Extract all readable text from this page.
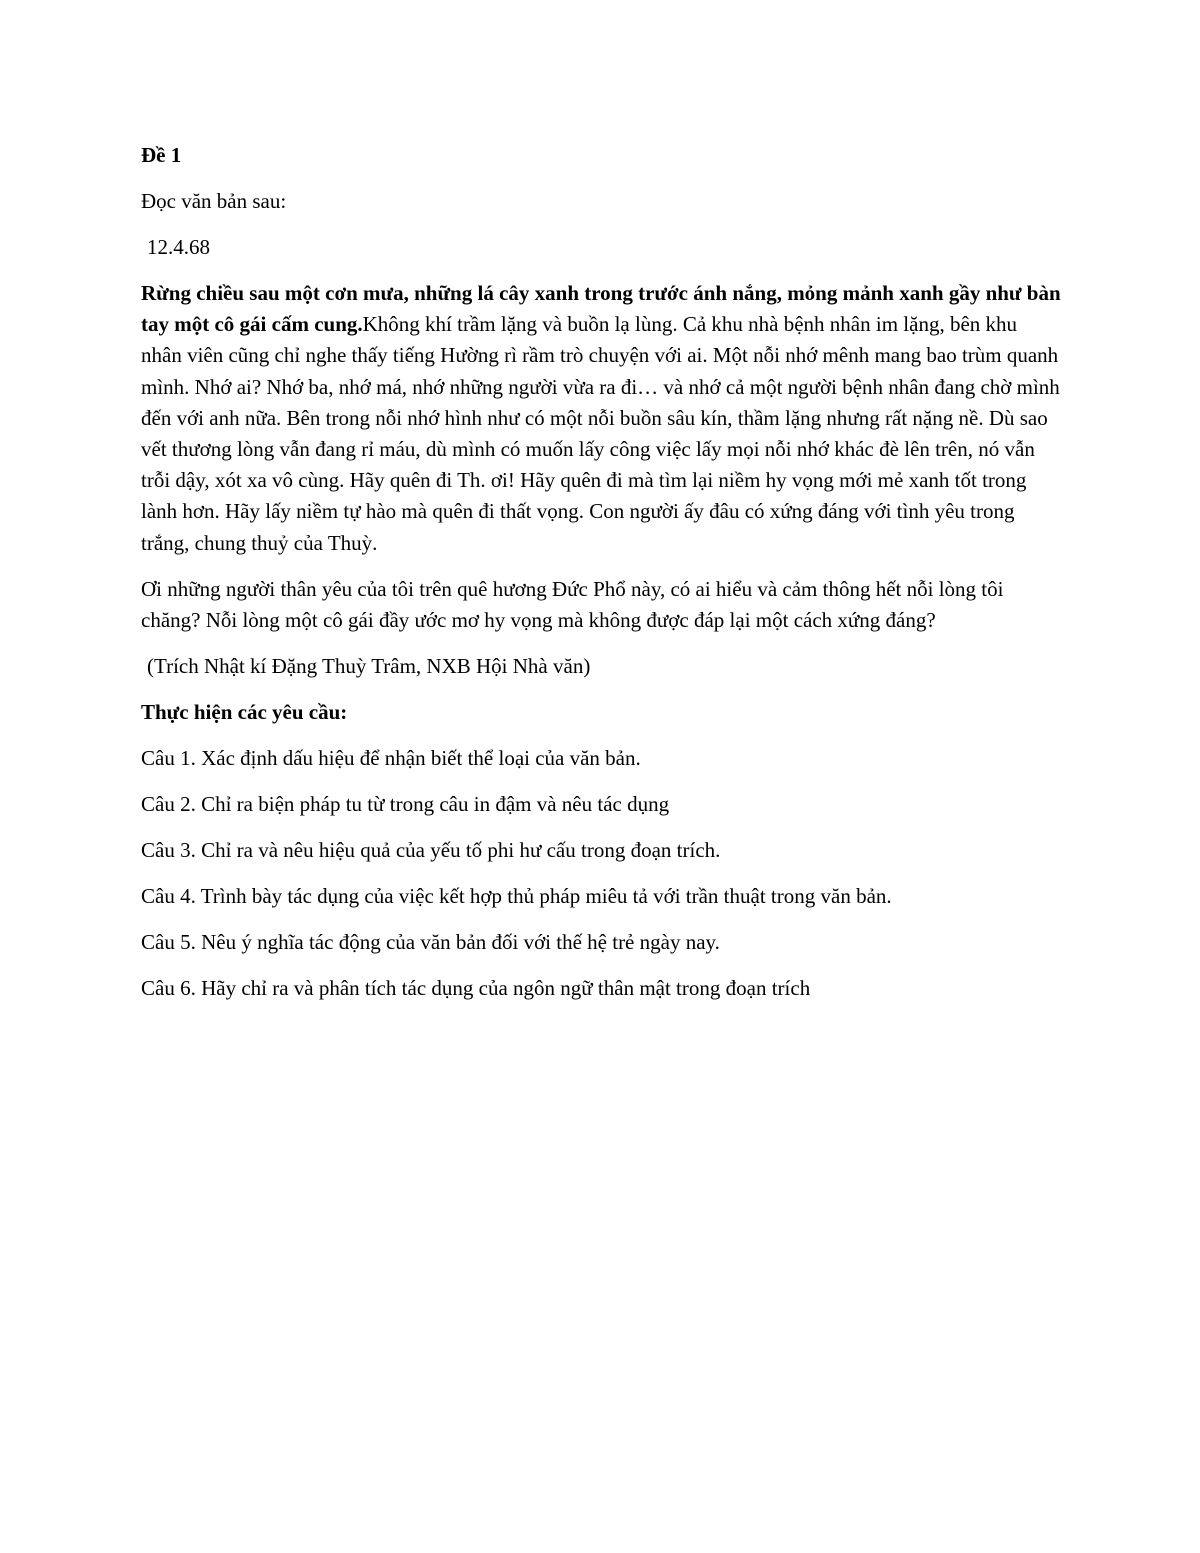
Đề 1

Đọc văn bản sau:

12.4.68

Rừng chiều sau một cơn mưa, những lá cây xanh trong trước ánh nắng, mỏng mảnh xanh gầy như bàn tay một cô gái cấm cung.Không khí trầm lặng và buồn lạ lùng. Cả khu nhà bệnh nhân im lặng, bên khu nhân viên cũng chỉ nghe thấy tiếng Hường rì rầm trò chuyện với ai. Một nỗi nhớ mênh mang bao trùm quanh mình. Nhớ ai? Nhớ ba, nhớ má, nhớ những người vừa ra đi… và nhớ cả một người bệnh nhân đang chờ mình đến với anh nữa. Bên trong nỗi nhớ hình như có một nỗi buồn sâu kín, thầm lặng nhưng rất nặng nề. Dù sao vết thương lòng vẫn đang rỉ máu, dù mình có muốn lấy công việc lấy mọi nỗi nhớ khác đè lên trên, nó vẫn trỗi dậy, xót xa vô cùng. Hãy quên đi Th. ơi! Hãy quên đi mà tìm lại niềm hy vọng mới mẻ xanh tốt trong lành hơn. Hãy lấy niềm tự hào mà quên đi thất vọng. Con người ấy đâu có xứng đáng với tình yêu trong trắng, chung thuỷ của Thuỳ.

Ơi những người thân yêu của tôi trên quê hương Đức Phổ này, có ai hiểu và cảm thông hết nỗi lòng tôi chăng? Nỗi lòng một cô gái đầy ước mơ hy vọng mà không được đáp lại một cách xứng đáng?

(Trích Nhật kí Đặng Thuỳ Trâm, NXB Hội Nhà văn)

Thực hiện các yêu cầu:

Câu 1. Xác định dấu hiệu để nhận biết thể loại của văn bản.

Câu 2. Chỉ ra biện pháp tu từ trong câu in đậm và nêu tác dụng

Câu 3. Chỉ ra và nêu hiệu quả của yếu tố phi hư cấu trong đoạn trích.

Câu 4. Trình bày tác dụng của việc kết hợp thủ pháp miêu tả với trần thuật trong văn bản.

Câu 5. Nêu ý nghĩa tác động của văn bản đối với thế hệ trẻ ngày nay.

Câu 6. Hãy chỉ ra và phân tích tác dụng của ngôn ngữ thân mật trong đoạn trích
